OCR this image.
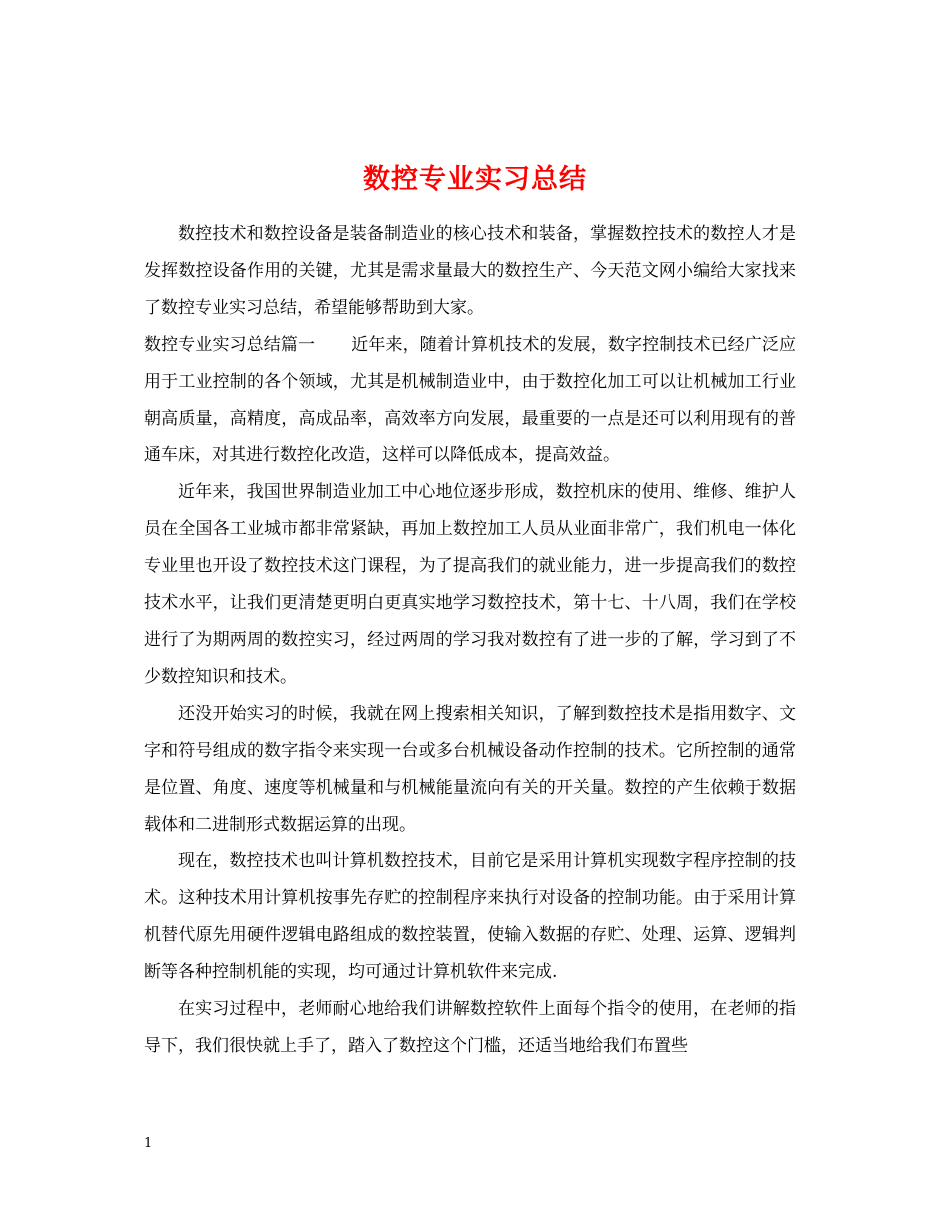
数控专业实习总结

数控技术和数控设备是装备制造业的核心技术和装备，掌握数控技术的数控人才是发挥数控设备作用的关键，尤其是需求量最大的数控生产、今天范文网小编给大家找来了数控专业实习总结，希望能够帮助到大家。

数控专业实习总结篇一 近年来，随着计算机技术的发展，数字控制技术已经广泛应用于工业控制的各个领域，尤其是机械制造业中，由于数控化加工可以让机械加工行业朝高质量，高精度，高成品率，高效率方向发展，最重要的一点是还可以利用现有的普通车床，对其进行数控化改造，这样可以降低成本，提高效益。

近年来，我国世界制造业加工中心地位逐步形成，数控机床的使用、维修、维护人员在全国各工业城市都非常紧缺，再加上数控加工人员从业面非常广，我们机电一体化专业里也开设了数控技术这门课程，为了提高我们的就业能力，进一步提高我们的数控技术水平，让我们更清楚更明白更真实地学习数控技术，第十七、十八周，我们在学校进行了为期两周的数控实习，经过两周的学习我对数控有了进一步的了解，学习到了不少数控知识和技术。

还没开始实习的时候，我就在网上搜索相关知识，了解到数控技术是指用数字、文字和符号组成的数字指令来实现一台或多台机械设备动作控制的技术。它所控制的通常是位置、角度、速度等机械量和与机械能量流向有关的开关量。数控的产生依赖于数据载体和二进制形式数据运算的出现。

现在，数控技术也叫计算机数控技术，目前它是采用计算机实现数字程序控制的技术。这种技术用计算机按事先存贮的控制程序来执行对设备的控制功能。由于采用计算机替代原先用硬件逻辑电路组成的数控装置，使输入数据的存贮、处理、运算、逻辑判断等各种控制机能的实现，均可通过计算机软件来完成.

在实习过程中，老师耐心地给我们讲解数控软件上面每个指令的使用，在老师的指导下，我们很快就上手了，踏入了数控这个门槛，还适当地给我们布置些

1
